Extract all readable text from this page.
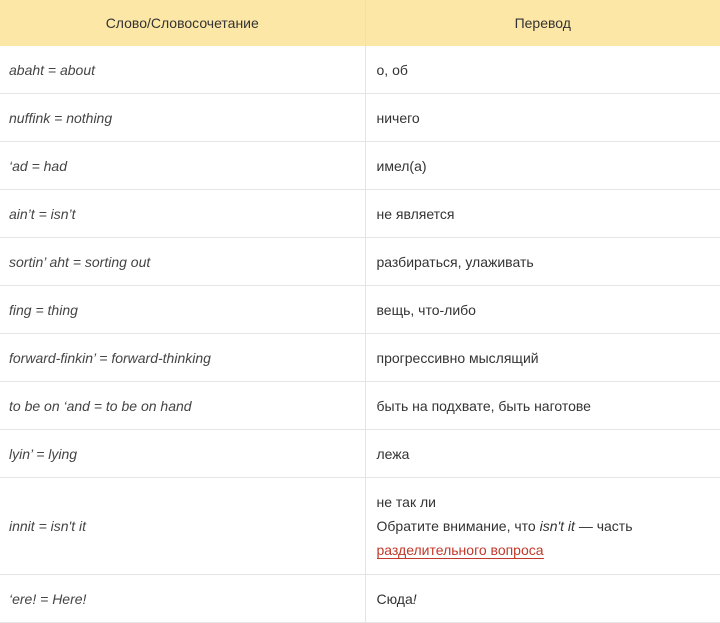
Слово/Словосочетание	Перевод
abaht = about	о, об
nuffink = nothing	ничего
‘ad = had	имел(а)
ain’t = isn’t	не является
sortin’ aht = sorting out	разбираться, улаживать
fing = thing	вещь, что-либо
forward-finkin’ = forward-thinking	прогрессивно мыслящий
to be on ‘and = to be on hand	быть на подхвате, быть наготове
lyin’ = lying	лежа
innit = isn't it	не так ли
Обратите внимание, что isn't it — часть
разделительного вопроса

‘ere! = Here!	Сюда!
